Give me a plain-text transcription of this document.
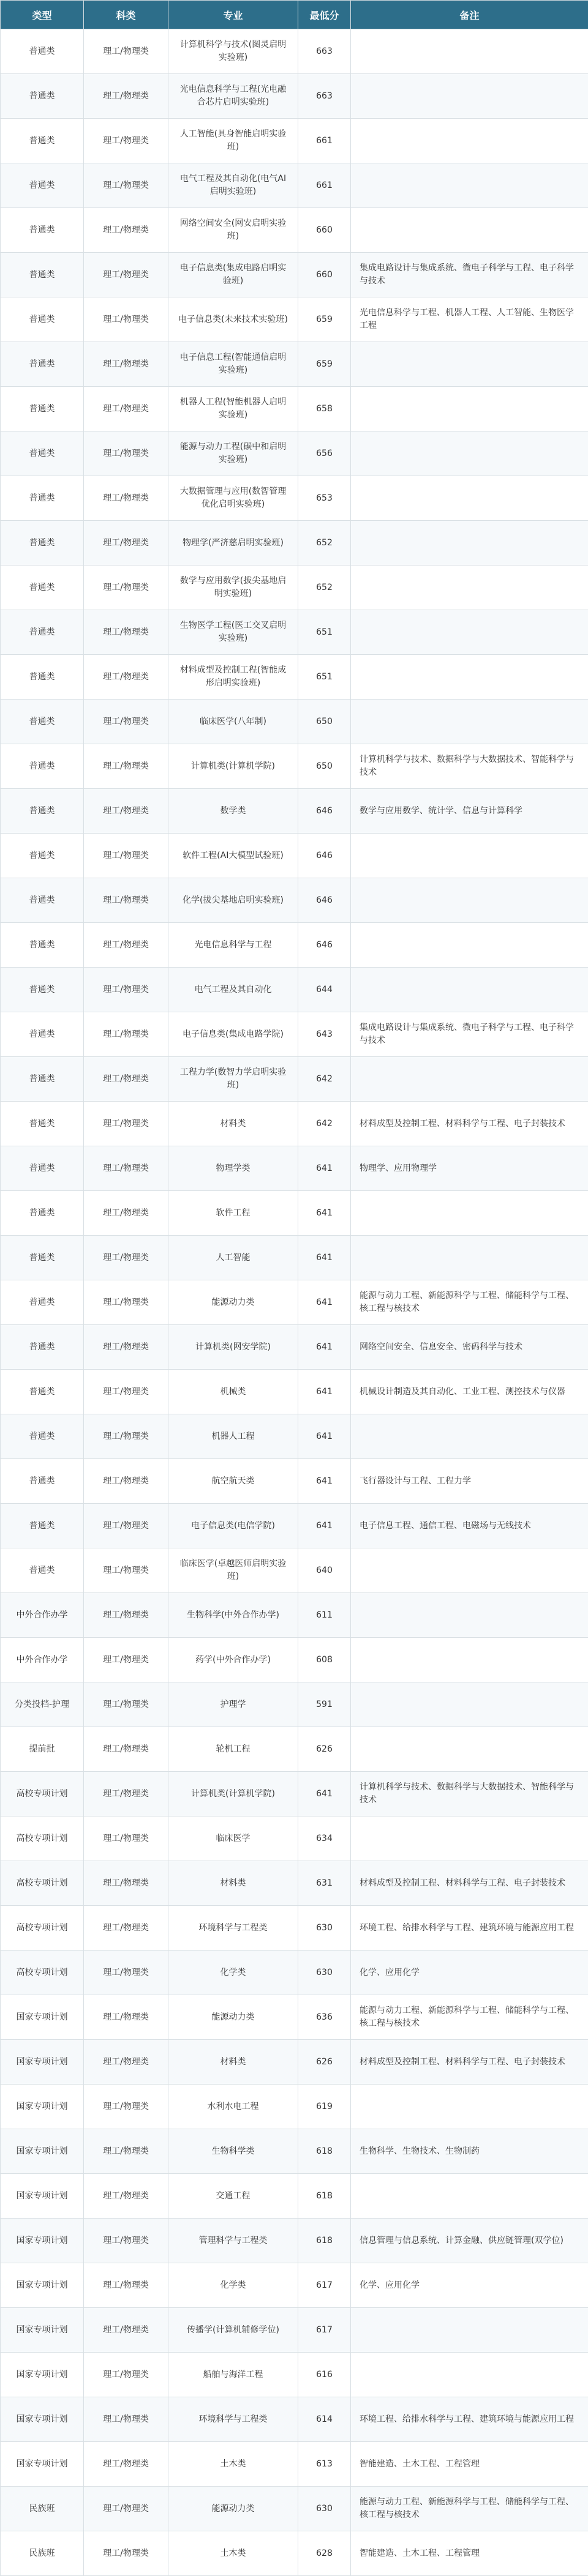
类型	科类	专业	最低分	备注
普通类	理工/物理类	计算机科学与技术(图灵启明实验班)	663	
普通类	理工/物理类	光电信息科学与工程(光电融合芯片启明实验班)	663	
普通类	理工/物理类	人工智能(具身智能启明实验班)	661	
普通类	理工/物理类	电气工程及其自动化(电气AI启明实验班)	661	
普通类	理工/物理类	网络空间安全(网安启明实验班)	660	
普通类	理工/物理类	电子信息类(集成电路启明实验班)	660	集成电路设计与集成系统、微电子科学与工程、电子科学与技术
普通类	理工/物理类	电子信息类(未来技术实验班)	659	光电信息科学与工程、机器人工程、人工智能、生物医学工程
普通类	理工/物理类	电子信息工程(智能通信启明实验班)	659	
普通类	理工/物理类	机器人工程(智能机器人启明实验班)	658	
普通类	理工/物理类	能源与动力工程(碳中和启明实验班)	656	
普通类	理工/物理类	大数据管理与应用(数智管理优化启明实验班)	653	
普通类	理工/物理类	物理学(严济慈启明实验班)	652	
普通类	理工/物理类	数学与应用数学(拔尖基地启明实验班)	652	
普通类	理工/物理类	生物医学工程(医工交叉启明实验班)	651	
普通类	理工/物理类	材料成型及控制工程(智能成形启明实验班)	651	
普通类	理工/物理类	临床医学(八年制)	650	
普通类	理工/物理类	计算机类(计算机学院)	650	计算机科学与技术、数据科学与大数据技术、智能科学与技术
普通类	理工/物理类	数学类	646	数学与应用数学、统计学、信息与计算科学
普通类	理工/物理类	软件工程(AI大模型试验班)	646	
普通类	理工/物理类	化学(拔尖基地启明实验班)	646	
普通类	理工/物理类	光电信息科学与工程	646	
普通类	理工/物理类	电气工程及其自动化	644	
普通类	理工/物理类	电子信息类(集成电路学院)	643	集成电路设计与集成系统、微电子科学与工程、电子科学与技术
普通类	理工/物理类	工程力学(数智力学启明实验班)	642	
普通类	理工/物理类	材料类	642	材料成型及控制工程、材料科学与工程、电子封装技术
普通类	理工/物理类	物理学类	641	物理学、应用物理学
普通类	理工/物理类	软件工程	641	
普通类	理工/物理类	人工智能	641	
普通类	理工/物理类	能源动力类	641	能源与动力工程、新能源科学与工程、储能科学与工程、核工程与核技术
普通类	理工/物理类	计算机类(网安学院)	641	网络空间安全、信息安全、密码科学与技术
普通类	理工/物理类	机械类	641	机械设计制造及其自动化、工业工程、测控技术与仪器
普通类	理工/物理类	机器人工程	641	
普通类	理工/物理类	航空航天类	641	飞行器设计与工程、工程力学
普通类	理工/物理类	电子信息类(电信学院)	641	电子信息工程、通信工程、电磁场与无线技术
普通类	理工/物理类	临床医学(卓越医师启明实验班)	640	
中外合作办学	理工/物理类	生物科学(中外合作办学)	611	
中外合作办学	理工/物理类	药学(中外合作办学)	608	
分类投档-护理	理工/物理类	护理学	591	
提前批	理工/物理类	轮机工程	626	
高校专项计划	理工/物理类	计算机类(计算机学院)	641	计算机科学与技术、数据科学与大数据技术、智能科学与技术
高校专项计划	理工/物理类	临床医学	634	
高校专项计划	理工/物理类	材料类	631	材料成型及控制工程、材料科学与工程、电子封装技术
高校专项计划	理工/物理类	环境科学与工程类	630	环境工程、给排水科学与工程、建筑环境与能源应用工程
高校专项计划	理工/物理类	化学类	630	化学、应用化学
国家专项计划	理工/物理类	能源动力类	636	能源与动力工程、新能源科学与工程、储能科学与工程、核工程与核技术
国家专项计划	理工/物理类	材料类	626	材料成型及控制工程、材料科学与工程、电子封装技术
国家专项计划	理工/物理类	水利水电工程	619	
国家专项计划	理工/物理类	生物科学类	618	生物科学、生物技术、生物制药
国家专项计划	理工/物理类	交通工程	618	
国家专项计划	理工/物理类	管理科学与工程类	618	信息管理与信息系统、计算金融、供应链管理(双学位)
国家专项计划	理工/物理类	化学类	617	化学、应用化学
国家专项计划	理工/物理类	传播学(计算机辅修学位)	617	
国家专项计划	理工/物理类	船舶与海洋工程	616	
国家专项计划	理工/物理类	环境科学与工程类	614	环境工程、给排水科学与工程、建筑环境与能源应用工程
国家专项计划	理工/物理类	土木类	613	智能建造、土木工程、工程管理
民族班	理工/物理类	能源动力类	630	能源与动力工程、新能源科学与工程、储能科学与工程、核工程与核技术
民族班	理工/物理类	土木类	628	智能建造、土木工程、工程管理
